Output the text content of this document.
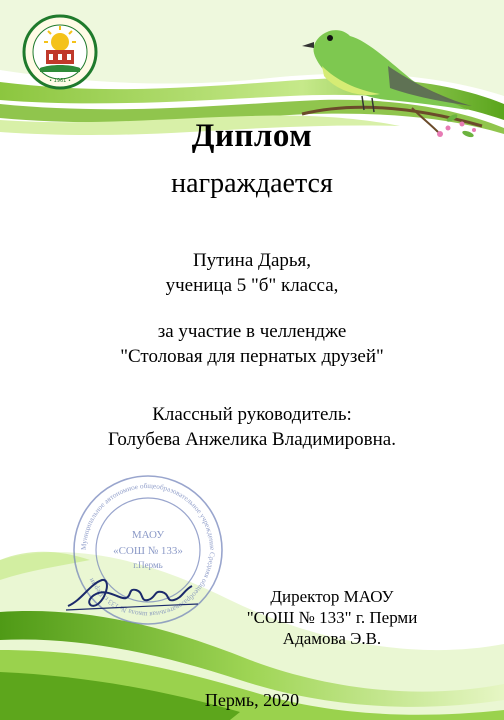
• 1961 •
Диплом
награждается
Путина Дарья,
ученица 5 "б" класса,
за участие в челлендже
"Столовая для пернатых друзей"
Классный руководитель:
Голубева Анжелика Владимировна.
Муниципальное автономное общеобразовательное учреждение Средняя общеобразовательная школа № 133 г. Перми
МАОУ
«СОШ № 133»
г.Пермь
Директор МАОУ
"СОШ № 133" г. Перми
Адамова Э.В.
Пермь, 2020
